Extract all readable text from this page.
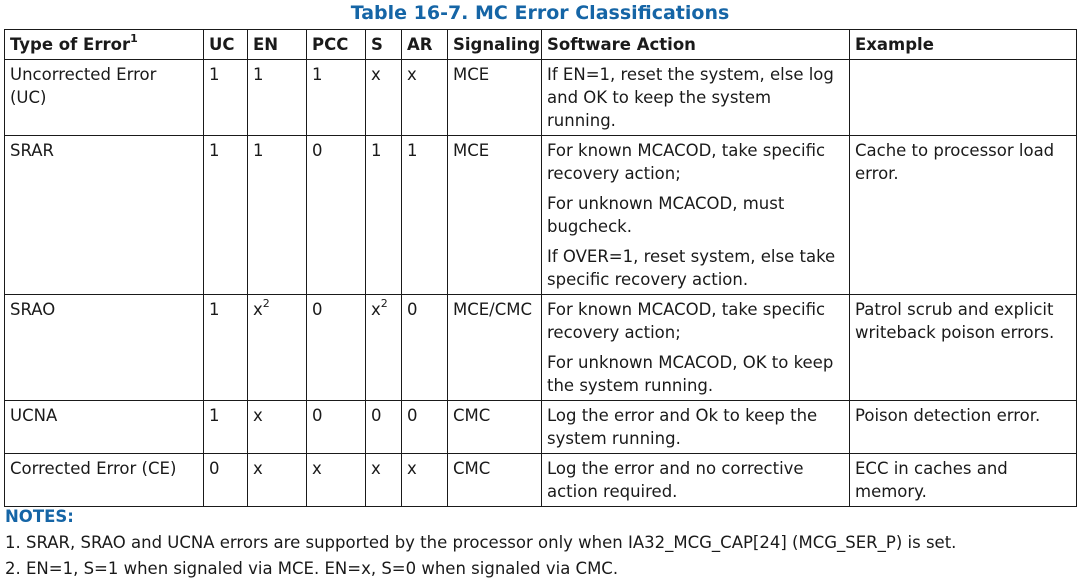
Table 16-7. MC Error Classifications
Type of Error$^1$	UC	EN	PCC	S	AR	Signaling	Software Action	Example
Uncorrected Error (UC)	1	1	1	x	x	MCE	If EN=1, reset the system, else log and OK to keep the system running.	

SRAR	1	1	0	1	1	MCE	For known MCACOD, take specific recovery action;

For unknown MCACOD, must bugcheck.

If OVER=1, reset system, else take specific recovery action.	Cache to processor load error.
SRAO	1	$x^2$	0	$x^2$	0	MCE/CMC	For known MCACOD, take specific recovery action;

For unknown MCACOD, OK to keep the system running.	Patrol scrub and explicit writeback poison errors.
UCNA	1	x	0	0	0	CMC	Log the error and Ok to keep the system running.	Poison detection error.
Corrected Error (CE)	0	x	x	x	x	CMC	Log the error and no corrective action required.	ECC in caches and memory.
NOTES:
1. SRAR, SRAO and UCNA errors are supported by the processor only when IA32_MCG_CAP[24] (MCG_SER_P) is set.
2. EN=1, S=1 when signaled via MCE. EN=x, S=0 when signaled via CMC.
